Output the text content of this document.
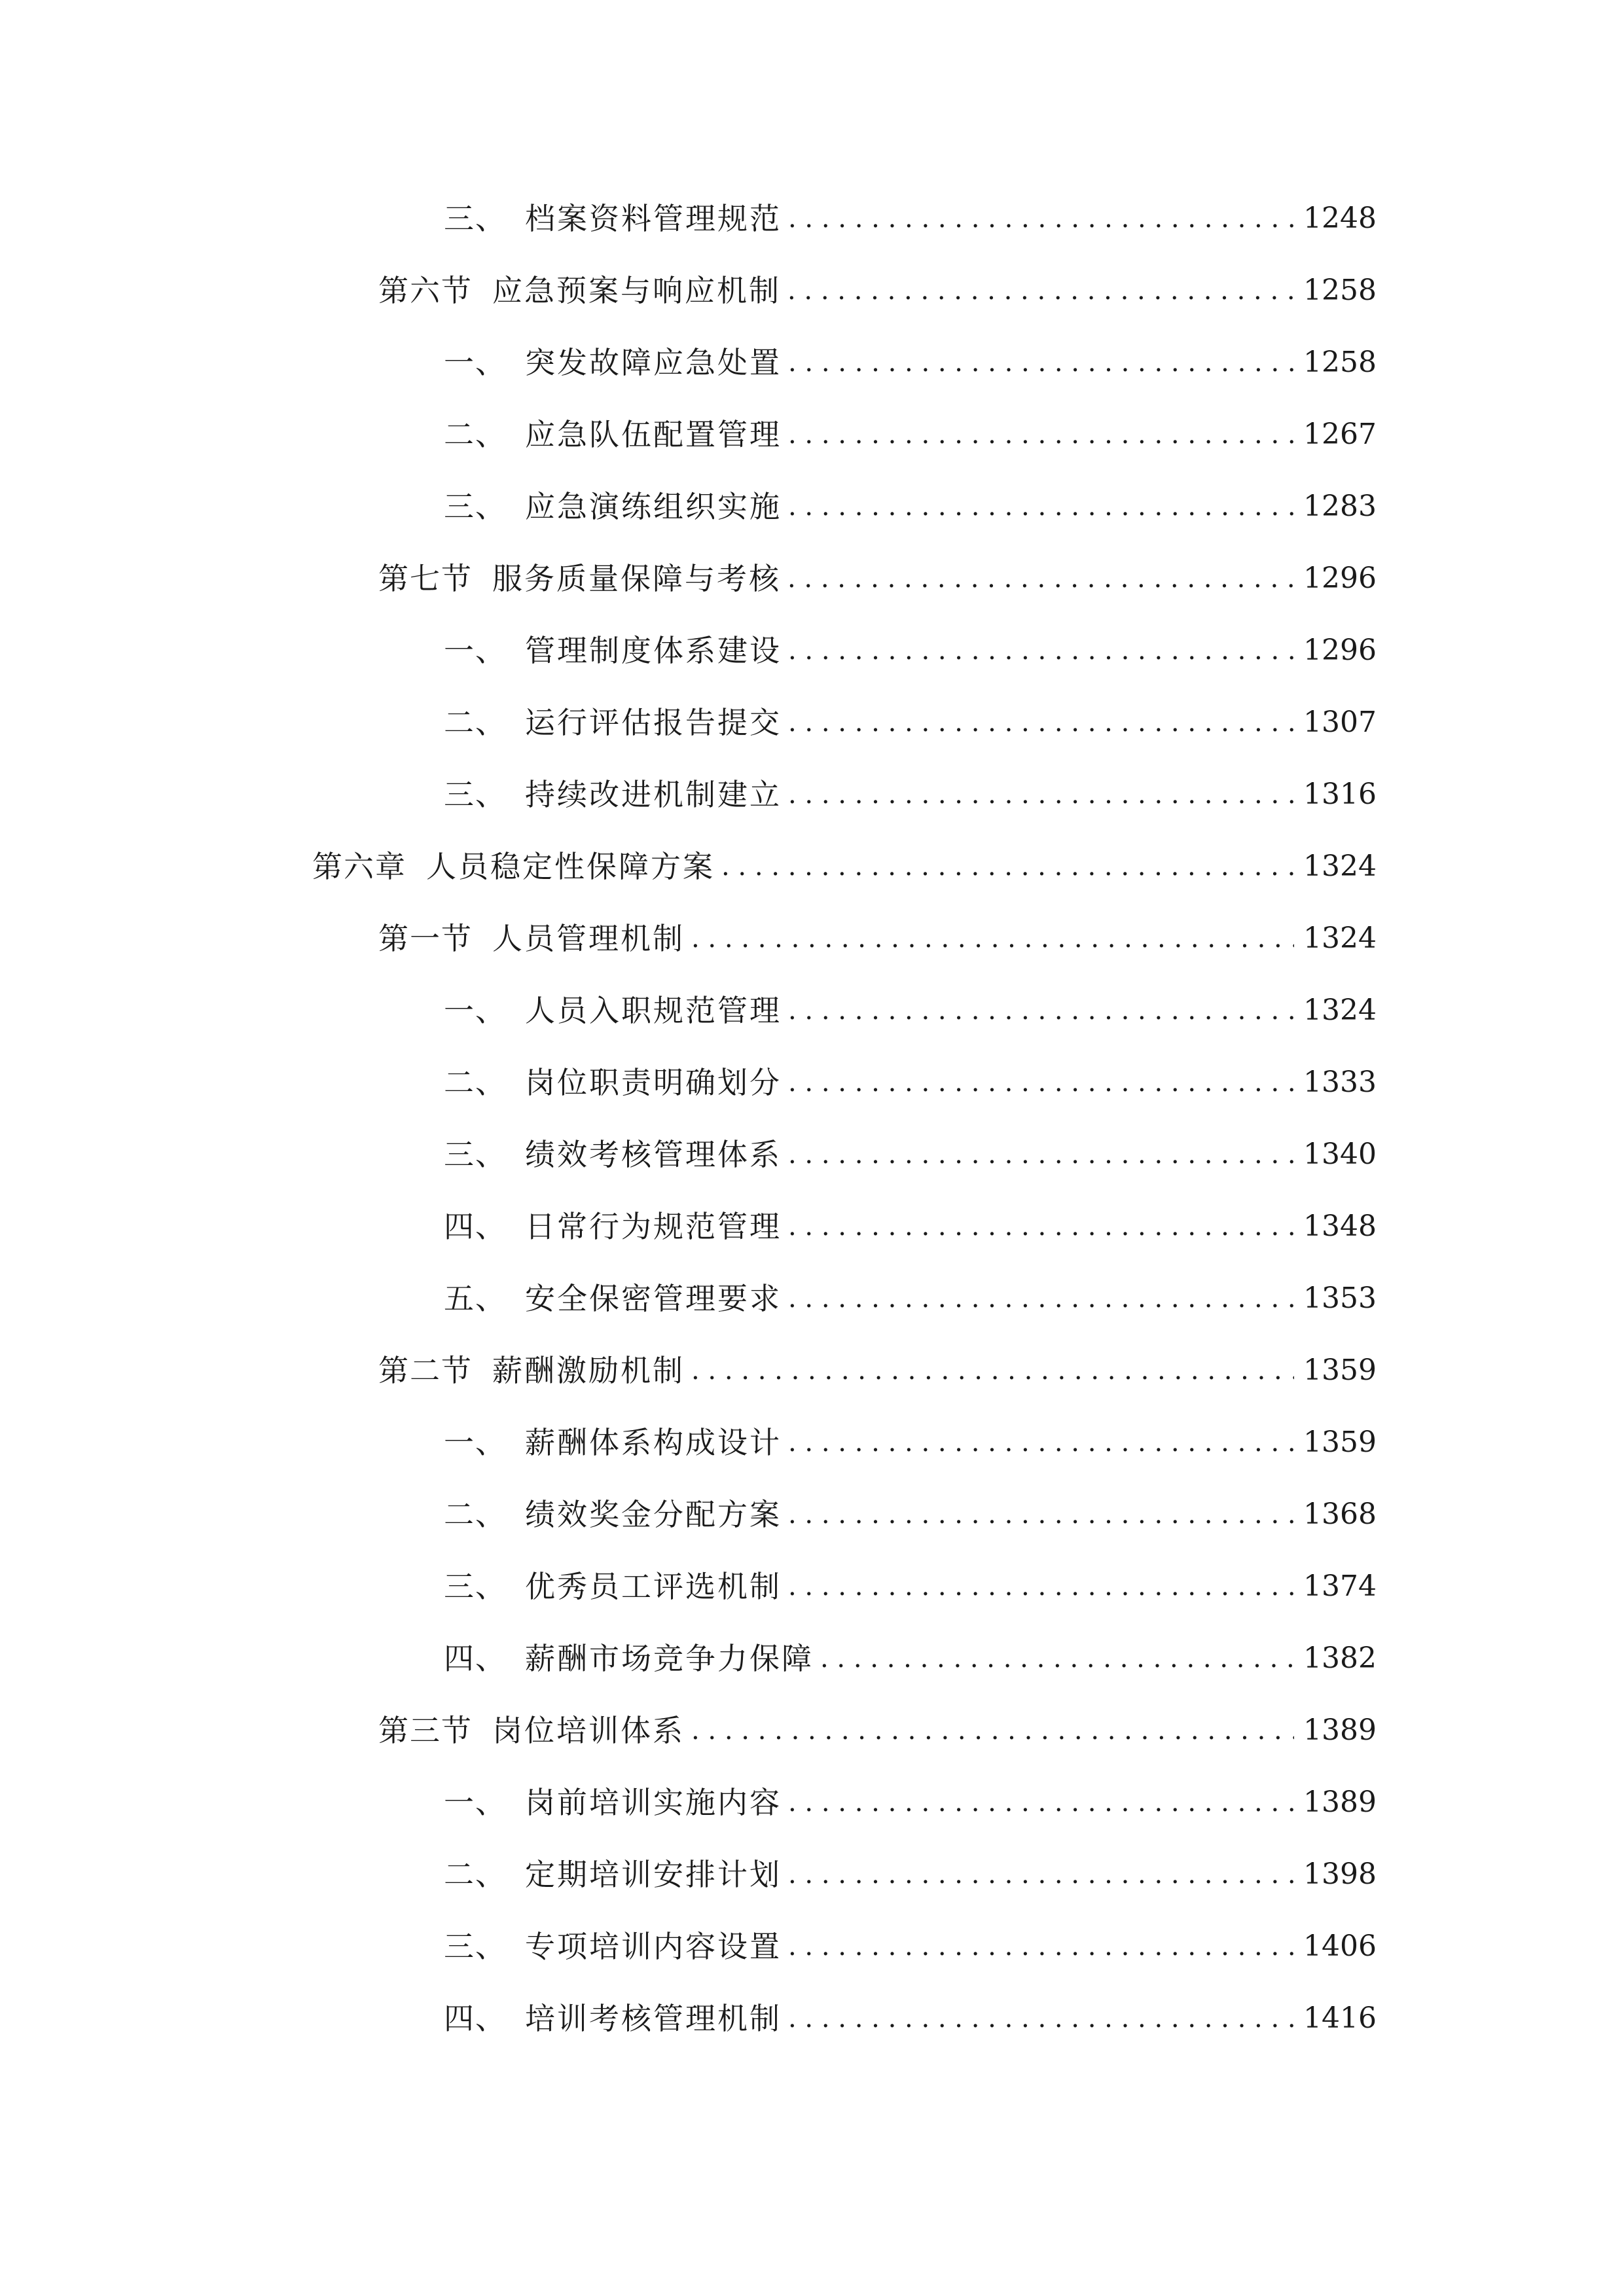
三、 档案资料管理规范 . . .	1248
第六节 应急预案与响应机制 . . .	1258
一、 突发故障应急处置 . . .	1258
二、 应急队伍配置管理 . . .	1267
三、 应急演练组织实施 . . .	1283
第七节 服务质量保障与考核 . . .	1296
一、 管理制度体系建设 . . .	1296
二、 运行评估报告提交 . . .	1307
三、 持续改进机制建立 . . .	1316
第六章 人员稳定性保障方案 . . .	1324
第一节 人员管理机制 . . .	1324
一、 人员入职规范管理 . . .	1324
二、 岗位职责明确划分 . . .	1333
三、 绩效考核管理体系 . . .	1340
四、 日常行为规范管理 . . .	1348
五、 安全保密管理要求 . . .	1353
第二节 薪酬激励机制 . . .	1359
一、 薪酬体系构成设计 . . .	1359
二、 绩效奖金分配方案 . . .	1368
三、 优秀员工评选机制 . . .	1374
四、 薪酬市场竞争力保障 . . .	1382
第三节 岗位培训体系 . . .	1389
一、 岗前培训实施内容 . . .	1389
二、 定期培训安排计划 . . .	1398
三、 专项培训内容设置 . . .	1406
四、 培训考核管理机制 . . .	1416
